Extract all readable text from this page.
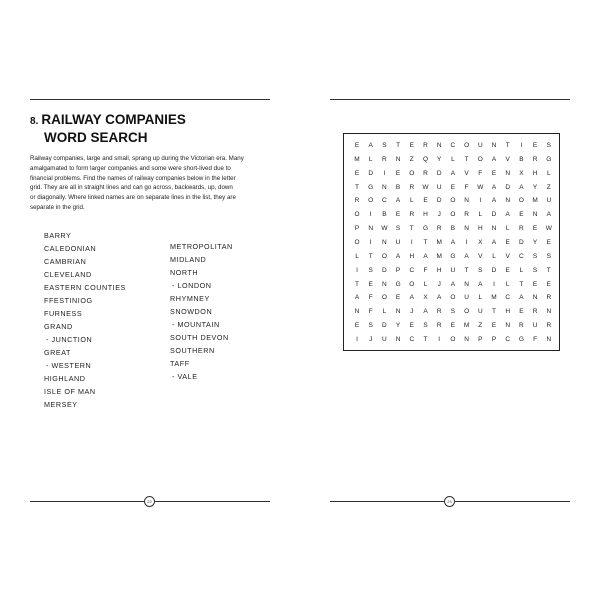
8. RAILWAY COMPANIES
WORD SEARCH
Railway companies, large and small, sprang up during the Victorian era. Many
amalgamated to form larger companies and some were short-lived due to
financial problems. Find the names of railway companies below in the letter
grid. They are all in straight lines and can go across, backwards, up, down
or diagonally. Where linked names are on separate lines in the list, they are
separate in the grid.
BARRY
CALEDONIAN
CAMBRIAN
CLEVELAND
EASTERN COUNTIES
FFESTINIOG
FURNESS
GRAND
- JUNCTION
GREAT
- WESTERN
HIGHLAND
ISLE OF MAN
MERSEY
METROPOLITAN
MIDLAND
NORTH
- LONDON
RHYMNEY
SNOWDON
- MOUNTAIN
SOUTH DEVON
SOUTHERN
TAFF
- VALE
E	A	S	T	E	R	N	C	O	U	N	T	I	E	S
M	L	R	N	Z	Q	Y	L	T	O	A	V	B	R	G
E	D	I	E	O	R	D	A	V	F	E	N	X	H	L
T	G	N	B	R	W	U	E	F	W	A	D	A	Y	Z
R	O	C	A	L	E	D	O	N	I	A	N	O	M	U
O	I	B	E	R	H	J	O	R	L	D	A	E	N	A
P	N	W	S	T	G	R	B	N	H	N	L	R	E	W
O	I	N	U	I	T	M	A	I	X	A	E	D	Y	E
L	T	O	A	H	A	M	G	A	V	L	V	C	S	S
I	S	D	P	C	F	H	U	T	S	D	E	L	S	T
T	E	N	G	O	L	J	A	N	A	I	L	T	E	E
A	F	O	E	A	X	A	O	U	L	M	C	A	N	R
N	F	L	N	J	A	R	S	O	U	T	H	E	R	N
E	S	D	Y	E	S	R	E	M	Z	E	N	R	U	R
I	J	U	N	C	T	I	O	N	P	P	C	G	F	N
22	23
